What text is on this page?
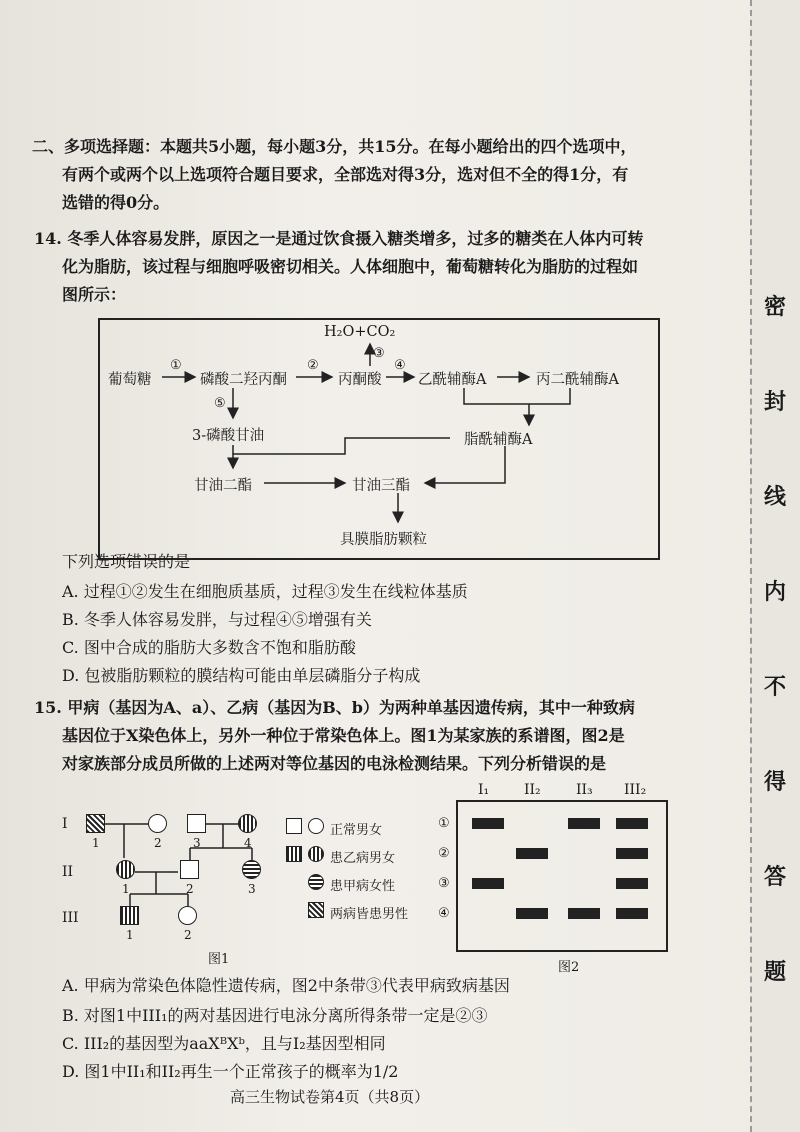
二、多项选择题：本题共5小题，每小题3分，共15分。在每小题给出的四个选项中，
有两个或两个以上选项符合题目要求，全部选对得3分，选对但不全的得1分，有
选错的得0分。
14. 冬季人体容易发胖，原因之一是通过饮食摄入糖类增多，过多的糖类在人体内可转
化为脂肪，该过程与细胞呼吸密切相关。人体细胞中，葡萄糖转化为脂肪的过程如
图所示：
葡萄糖
①
磷酸二羟丙酮
②
丙酮酸
H₂O+CO₂
③
④
乙酰辅酶A	丙二酰辅酶A
⑤
3-磷酸甘油	脂酰辅酶A
甘油二酯	甘油三酯
具膜脂肪颗粒
下列选项错误的是
A. 过程①②发生在细胞质基质，过程③发生在线粒体基质
B. 冬季人体容易发胖，与过程④⑤增强有关
C. 图中合成的脂肪大多数含不饱和脂肪酸
D. 包被脂肪颗粒的膜结构可能由单层磷脂分子构成
15. 甲病（基因为A、a）、乙病（基因为B、b）为两种单基因遗传病，其中一种致病
基因位于X染色体上，另外一种位于常染色体上。图1为某家族的系谱图，图2是
对家族部分成员所做的上述两对等位基因的电泳检测结果。下列分析错误的是
I
II
III
1	2	3	4
1	2	3
1	2
图1
正常男女
患乙病男女
患甲病女性
两病皆患男性
I₁ II₂	II₃ III₂
①
②
③
④
图2
A. 甲病为常染色体隐性遗传病，图2中条带③代表甲病致病基因
B. 对图1中III₁的两对基因进行电泳分离所得条带一定是②③
C. III₂的基因型为aaXᴮXᵇ，且与I₂基因型相同
D. 图1中II₁和II₂再生一个正常孩子的概率为1/2
高三生物试卷第4页（共8页）
密
封
线
内
不
得
答
题
